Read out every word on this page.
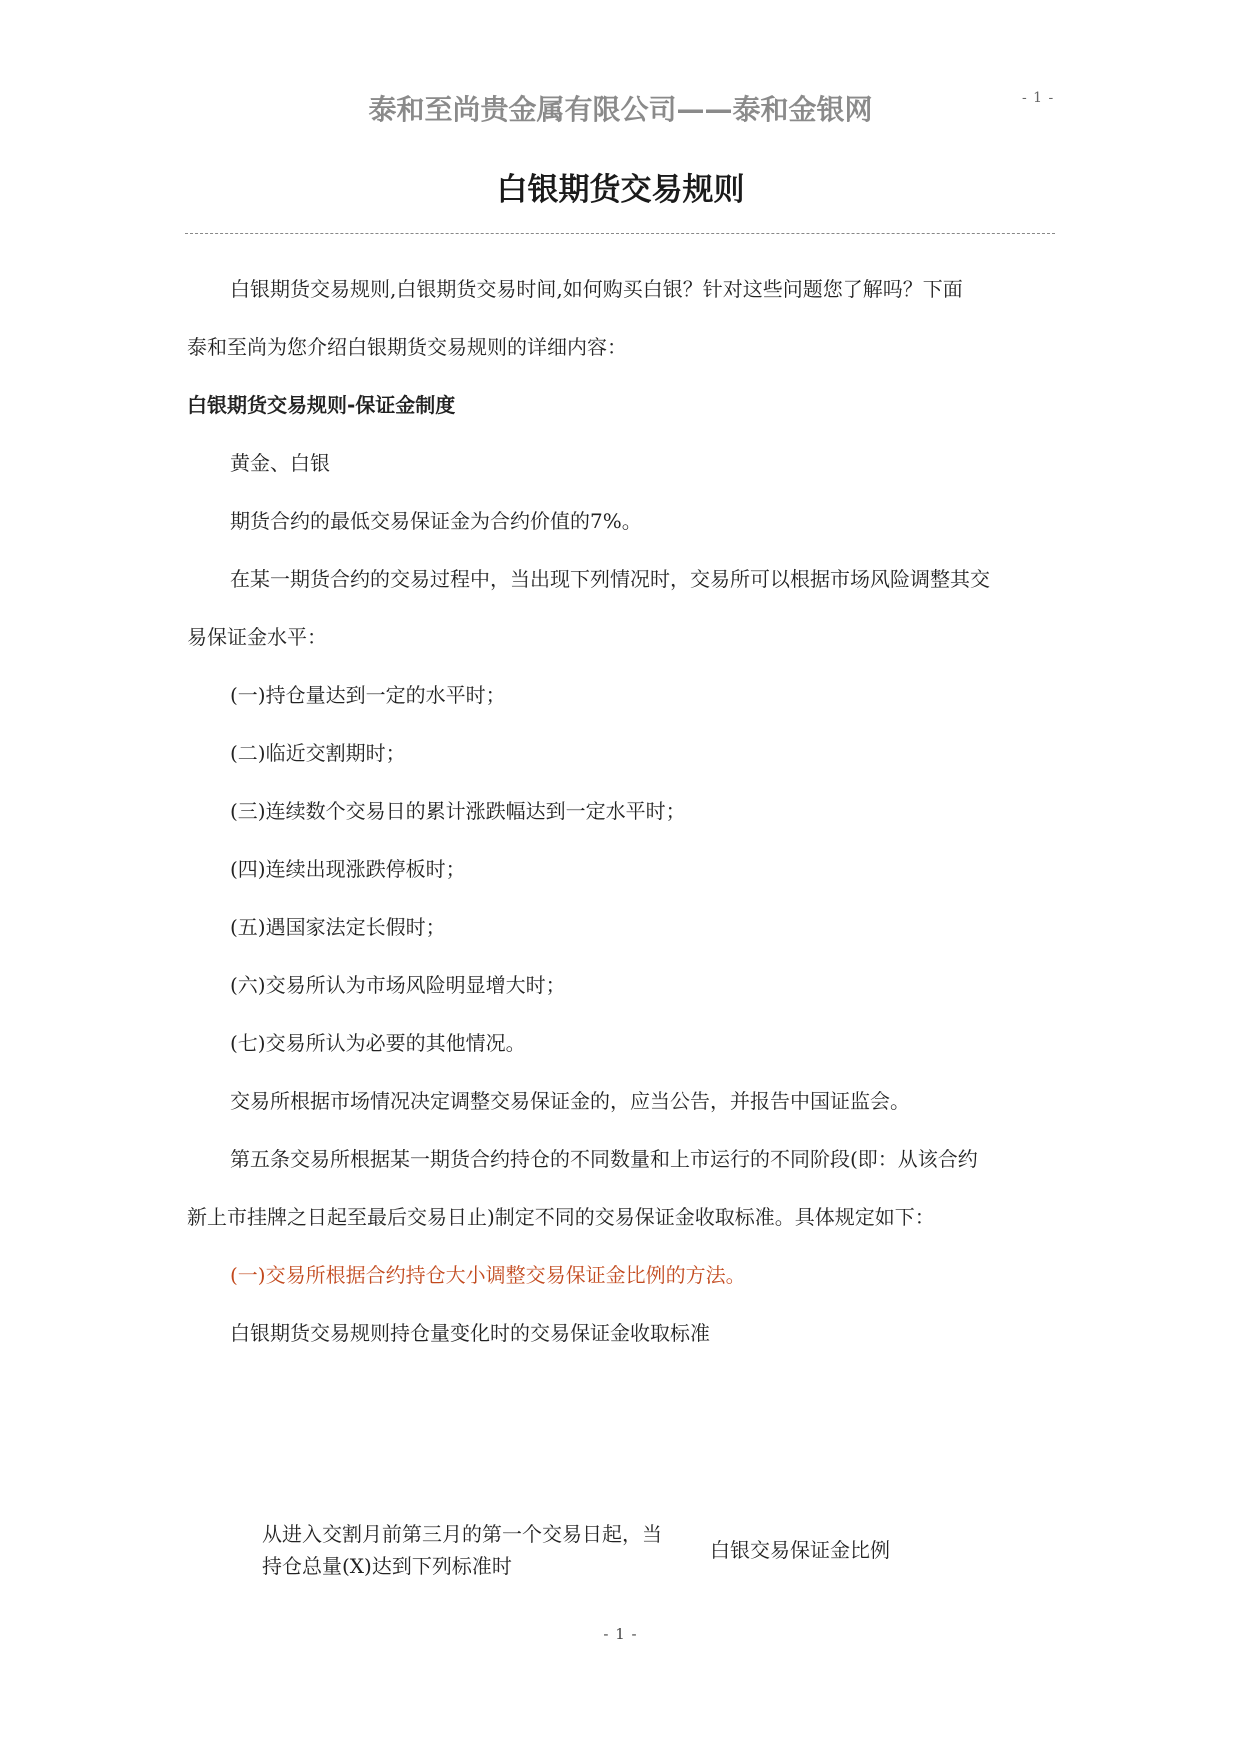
- 1 -
泰和至尚贵金属有限公司——泰和金银网
白银期货交易规则

白银期货交易规则,白银期货交易时间,如何购买白银？针对这些问题您了解吗？下面

泰和至尚为您介绍白银期货交易规则的详细内容：

白银期货交易规则-保证金制度

黄金、白银

期货合约的最低交易保证金为合约价值的7%。

在某一期货合约的交易过程中，当出现下列情况时，交易所可以根据市场风险调整其交

易保证金水平：

(一)持仓量达到一定的水平时；

(二)临近交割期时；

(三)连续数个交易日的累计涨跌幅达到一定水平时；

(四)连续出现涨跌停板时；

(五)遇国家法定长假时；

(六)交易所认为市场风险明显增大时；

(七)交易所认为必要的其他情况。

交易所根据市场情况决定调整交易保证金的，应当公告，并报告中国证监会。

第五条交易所根据某一期货合约持仓的不同数量和上市运行的不同阶段(即：从该合约

新上市挂牌之日起至最后交易日止)制定不同的交易保证金收取标准。具体规定如下：

(一)交易所根据合约持仓大小调整交易保证金比例的方法。

白银期货交易规则持仓量变化时的交易保证金收取标准

从进入交割月前第三月的第一个交易日起，当
持仓总量(X)达到下列标准时
白银交易保证金比例
- 1 -
